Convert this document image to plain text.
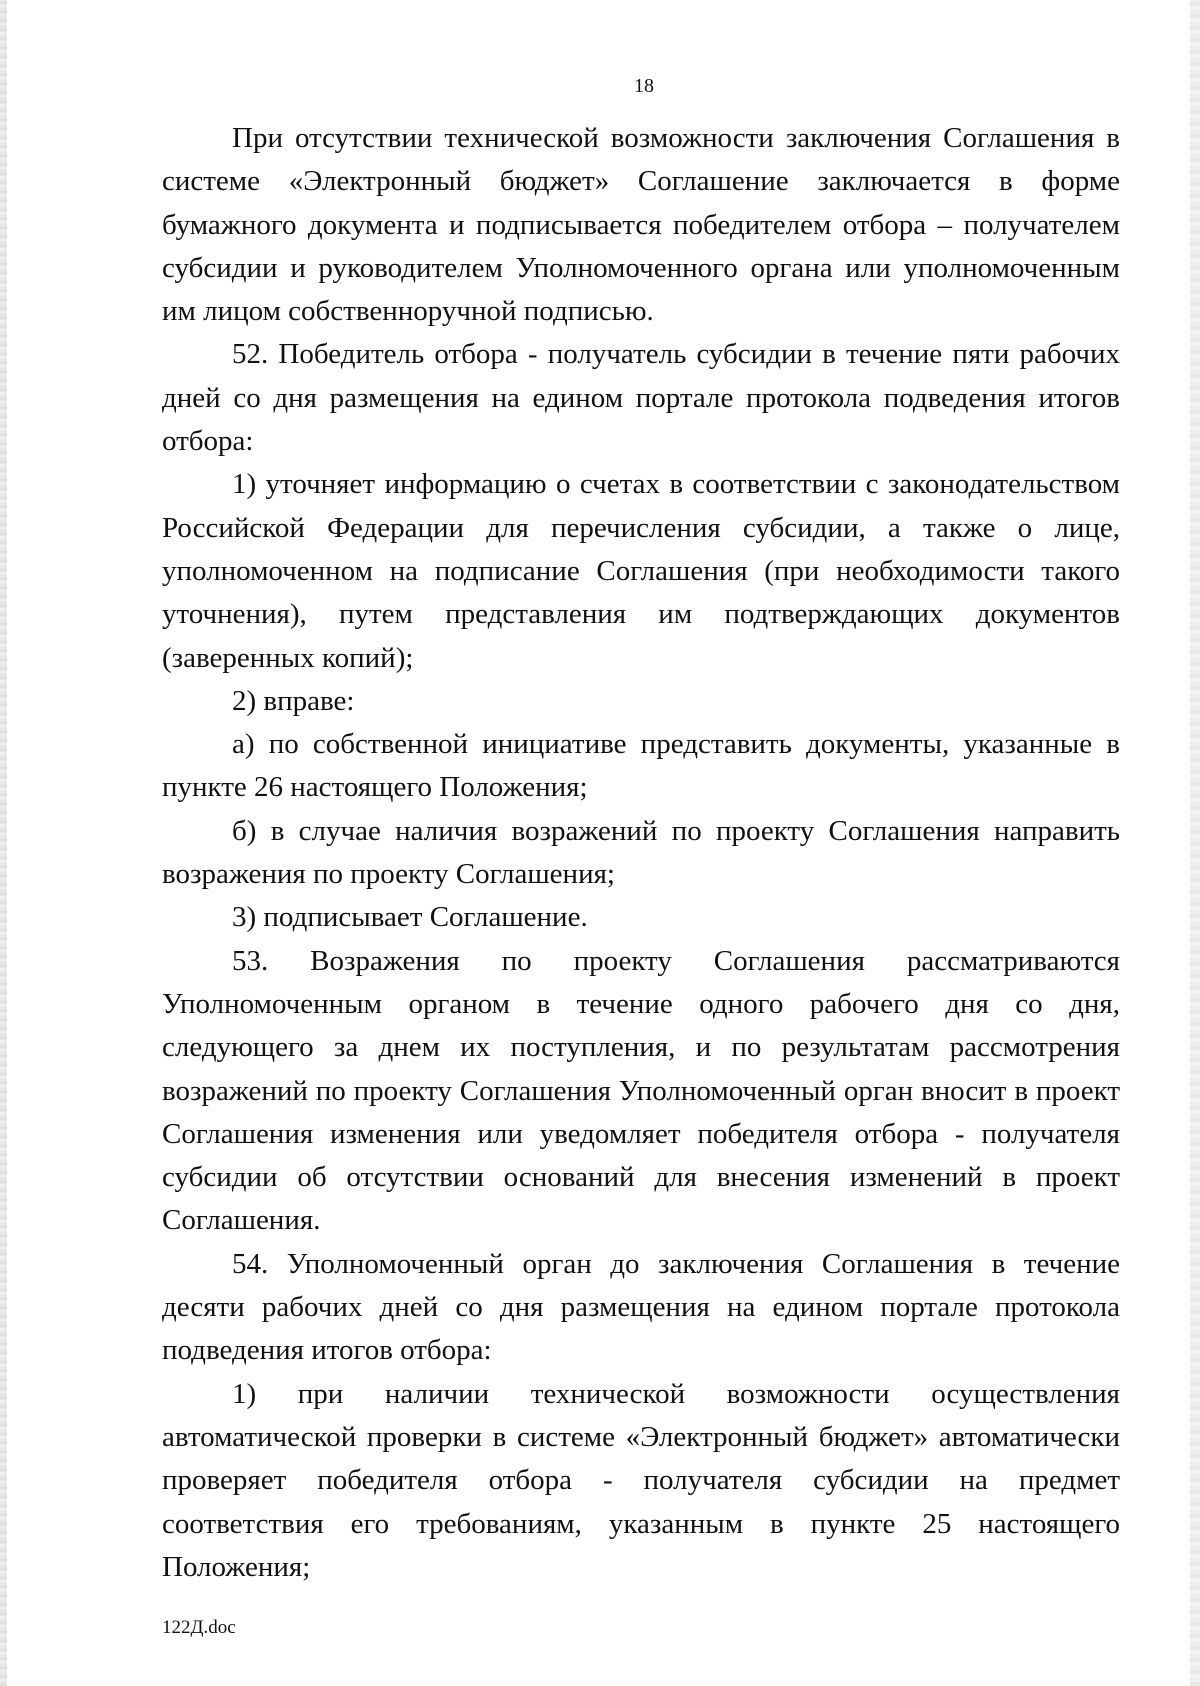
18

При отсутствии технической возможности заключения Соглашения в системе «Электронный бюджет» Соглашение заключается в форме бумажного документа и подписывается победителем отбора – получателем субсидии и руководителем Уполномоченного органа или уполномоченным им лицом собственноручной подписью.

52. Победитель отбора - получатель субсидии в течение пяти рабочих дней со дня размещения на едином портале протокола подведения итогов отбора:

1) уточняет информацию о счетах в соответствии с законодательством Российской Федерации для перечисления субсидии, а также о лице, уполномоченном на подписание Соглашения (при необходимости такого уточнения), путем представления им подтверждающих документов (заверенных копий);

2) вправе:

а) по собственной инициативе представить документы, указанные в пункте 26 настоящего Положения;

б) в случае наличия возражений по проекту Соглашения направить возражения по проекту Соглашения;

3) подписывает Соглашение.

53. Возражения по проекту Соглашения рассматриваются Уполномоченным органом в течение одного рабочего дня со дня, следующего за днем их поступления, и по результатам рассмотрения возражений по проекту Соглашения Уполномоченный орган вносит в проект Соглашения изменения или уведомляет победителя отбора - получателя субсидии об отсутствии оснований для внесения изменений в проект Соглашения.

54. Уполномоченный орган до заключения Соглашения в течение десяти рабочих дней со дня размещения на едином портале протокола подведения итогов отбора:

1) при наличии технической возможности осуществления автоматической проверки в системе «Электронный бюджет» автоматически проверяет победителя отбора - получателя субсидии на предмет соответствия его требованиям, указанным в пункте 25 настоящего Положения;

122Д.doc
